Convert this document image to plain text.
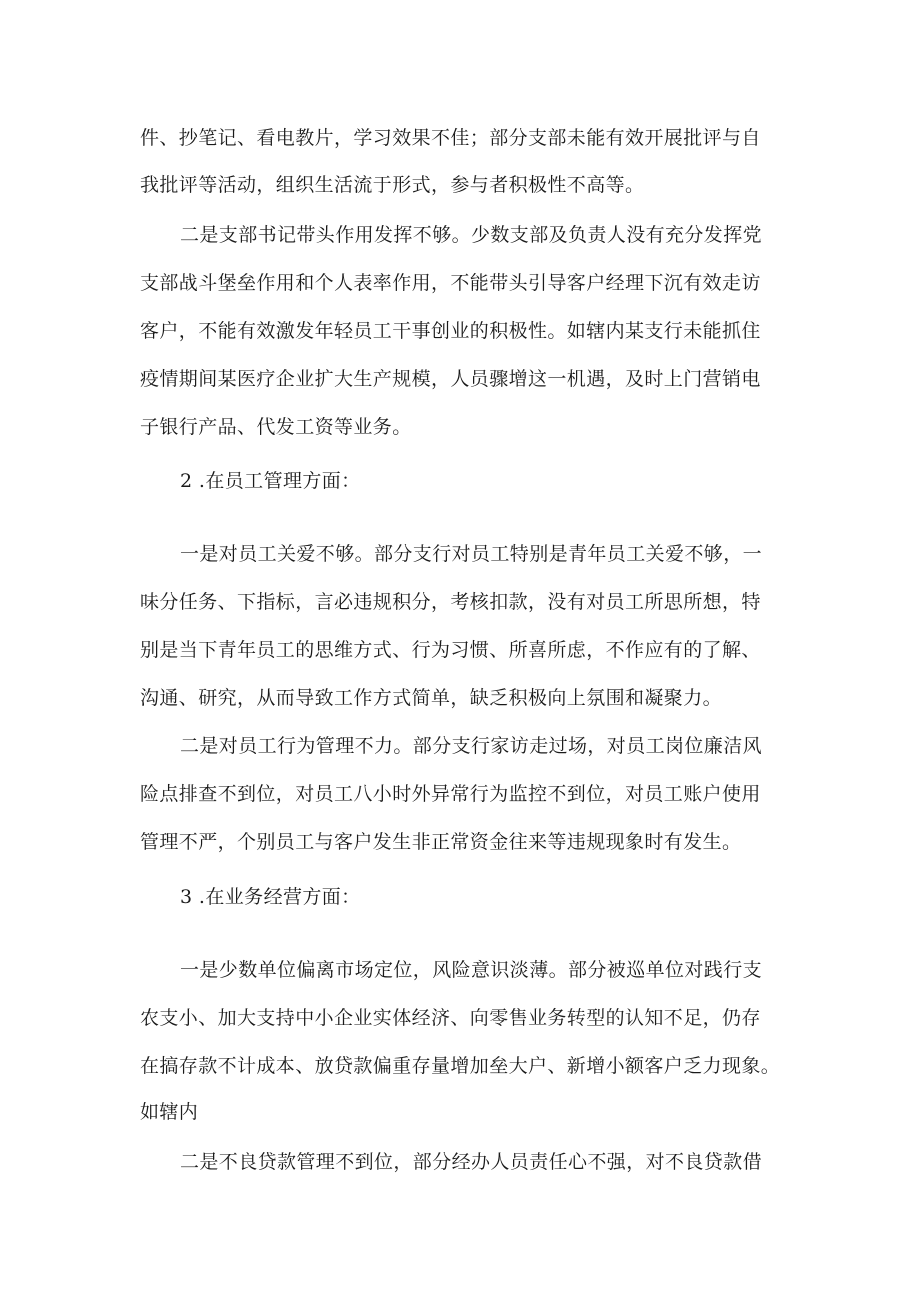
件、抄笔记、看电教片，学习效果不佳；部分支部未能有效开展批评与自
我批评等活动，组织生活流于形式，参与者积极性不高等。
二是支部书记带头作用发挥不够。少数支部及负责人没有充分发挥党
支部战斗堡垒作用和个人表率作用，不能带头引导客户经理下沉有效走访
客户，不能有效激发年轻员工干事创业的积极性。如辖内某支行未能抓住
疫情期间某医疗企业扩大生产规模，人员骤增这一机遇，及时上门营销电
子银行产品、代发工资等业务。
2 .在员工管理方面：
一是对员工关爱不够。部分支行对员工特别是青年员工关爱不够，一
味分任务、下指标，言必违规积分，考核扣款，没有对员工所思所想，特
别是当下青年员工的思维方式、行为习惯、所喜所虑，不作应有的了解、
沟通、研究，从而导致工作方式简单，缺乏积极向上氛围和凝聚力。
二是对员工行为管理不力。部分支行家访走过场，对员工岗位廉洁风
险点排查不到位，对员工八小时外异常行为监控不到位，对员工账户使用
管理不严，个别员工与客户发生非正常资金往来等违规现象时有发生。
3 .在业务经营方面：
一是少数单位偏离市场定位，风险意识淡薄。部分被巡单位对践行支
农支小、加大支持中小企业实体经济、向零售业务转型的认知不足，仍存
在搞存款不计成本、放贷款偏重存量增加垒大户、新增小额客户乏力现象。
如辖内
二是不良贷款管理不到位，部分经办人员责任心不强，对不良贷款借
